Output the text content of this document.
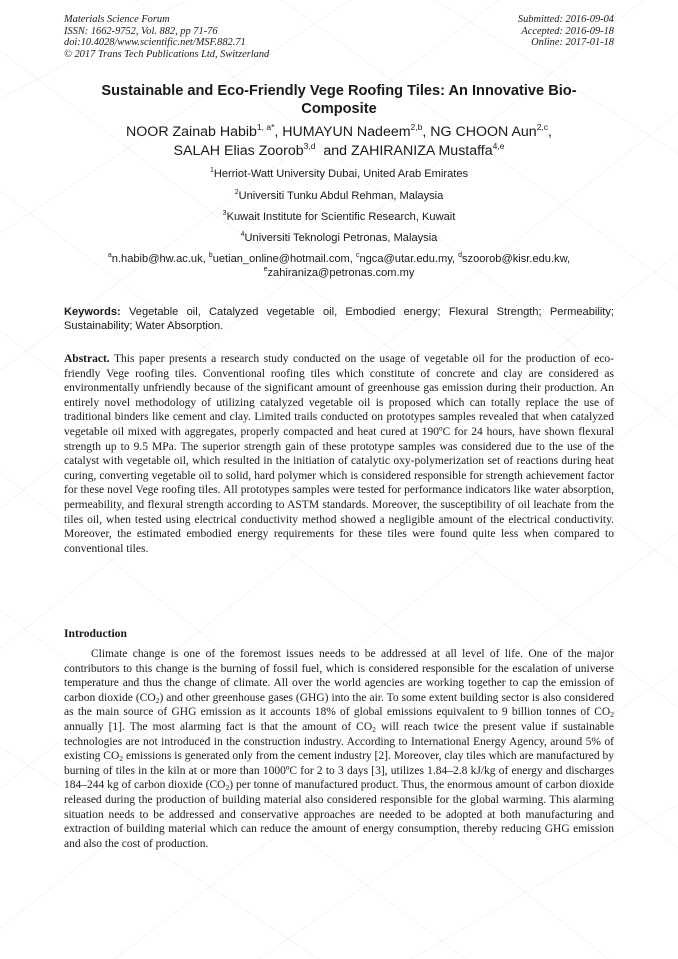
Materials Science Forum
ISSN: 1662-9752, Vol. 882, pp 71-76
doi:10.4028/www.scientific.net/MSF.882.71
© 2017 Trans Tech Publications Ltd, Switzerland
Submitted: 2016-09-04
Accepted: 2016-09-18
Online: 2017-01-18
Sustainable and Eco-Friendly Vege Roofing Tiles: An Innovative Bio-Composite
NOOR Zainab Habib$^{1, a*}$, HUMAYUN Nadeem$^{2,b}$, NG CHOON Aun$^{2,c}$,
SALAH Elias Zoorob$^{3,d}$  and ZAHIRANIZA Mustaffa$^{4,e}$
$^1$Herriot-Watt University Dubai, United Arab Emirates
$^2$Universiti Tunku Abdul Rehman, Malaysia
$^3$Kuwait Institute for Scientific Research, Kuwait
$^4$Universiti Teknologi Petronas, Malaysia
$^a$n.habib@hw.ac.uk, $^b$uetian_online@hotmail.com, $^c$ngca@utar.edu.my, $^d$szoorob@kisr.edu.kw,
$^e$zahiraniza@petronas.com.my
Keywords: Vegetable oil, Catalyzed vegetable oil, Embodied energy; Flexural Strength; Permeability; Sustainability; Water Absorption.
Abstract. This paper presents a research study conducted on the usage of vegetable oil for the production of eco-friendly Vege roofing tiles. Conventional roofing tiles which constitute of concrete and clay are considered as environmentally unfriendly because of the significant amount of greenhouse gas emission during their production. An entirely novel methodology of utilizing catalyzed vegetable oil is proposed which can totally replace the use of traditional binders like cement and clay. Limited trails conducted on prototypes samples revealed that when catalyzed vegetable oil mixed with aggregates, properly compacted and heat cured at 190ºC for 24 hours, have shown flexural strength up to 9.5 MPa. The superior strength gain of these prototype samples was considered due to the use of the catalyst with vegetable oil, which resulted in the initiation of catalytic oxy-polymerization set of reactions during heat curing, converting vegetable oil to solid, hard polymer which is considered responsible for strength achievement factor for these novel Vege roofing tiles. All prototypes samples were tested for performance indicators like water absorption, permeability, and flexural strength according to ASTM standards. Moreover, the susceptibility of oil leachate from the tiles oil, when tested using electrical conductivity method showed a negligible amount of the electrical conductivity. Moreover, the estimated embodied energy requirements for these tiles were found quite less when compared to conventional tiles.
Introduction
Climate change is one of the foremost issues needs to be addressed at all level of life. One of the major contributors to this change is the burning of fossil fuel, which is considered responsible for the escalation of universe temperature and thus the change of climate. All over the world agencies are working together to cap the emission of carbon dioxide $(CO_2)$ and other greenhouse gases (GHG) into the air. To some extent building sector is also considered as the main source of GHG emission as it accounts 18% of global emissions equivalent to 9 billion tonnes of $CO_2$ annually [1]. The most alarming fact is that the amount of $CO_2$ will reach twice the present value if sustainable technologies are not introduced in the construction industry. According to International Energy Agency, around 5% of existing $CO_2$ emissions is generated only from the cement industry [2]. Moreover, clay tiles which are manufactured by burning of tiles in the kiln at or more than 1000ºC for 2 to 3 days [3], utilizes 1.84–2.8 kJ/kg of energy and discharges 184–244 kg of carbon dioxide $(CO_2)$ per tonne of manufactured product. Thus, the enormous amount of carbon dioxide released during the production of building material also considered responsible for the global warming. This alarming situation needs to be addressed and conservative approaches are needed to be adopted at both manufacturing and extraction of building material which can reduce the amount of energy consumption, thereby reducing GHG emission and also the cost of production.
